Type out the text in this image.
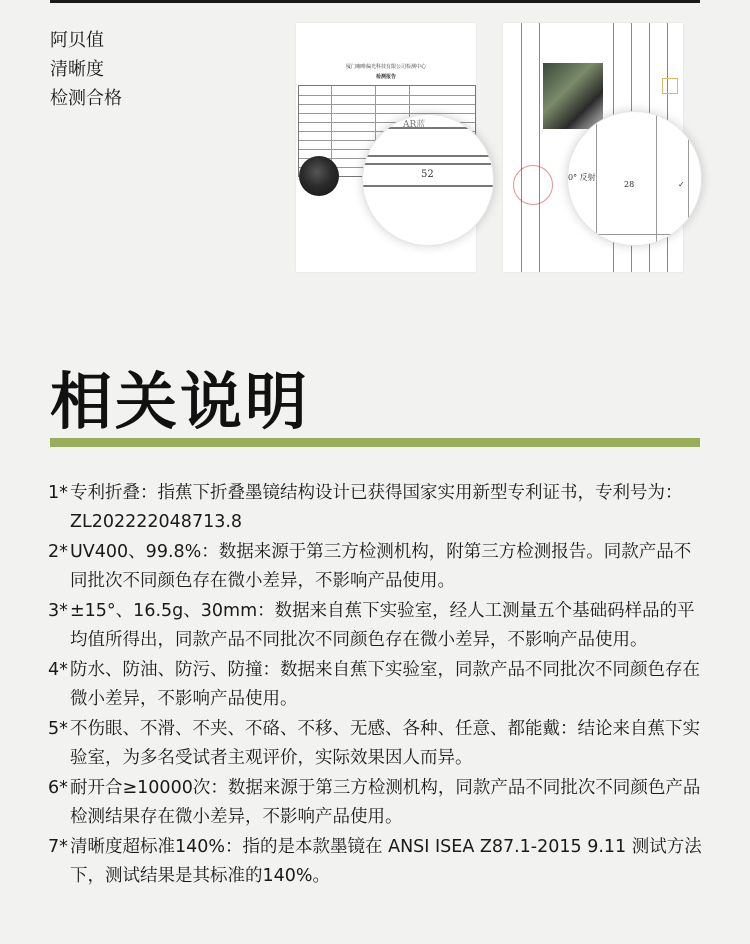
阿贝值
清晰度
检测合格
厦门咖啡偏光科技有限公司检测中心
检测报告
AR蓝
52	0° 反射
28	✓
相关说明
1* 专利折叠：指蕉下折叠墨镜结构设计已获得国家实用新型专利证书，专利号为：ZL202222048713.8
2* UV400、99.8%：数据来源于第三方检测机构，附第三方检测报告。同款产品不同批次不同颜色存在微小差异，不影响产品使用。
3* ±15°、16.5g、30mm：数据来自蕉下实验室，经人工测量五个基础码样品的平均值所得出，同款产品不同批次不同颜色存在微小差异，不影响产品使用。
4* 防水、防油、防污、防撞：数据来自蕉下实验室，同款产品不同批次不同颜色存在微小差异，不影响产品使用。
5* 不伤眼、不滑、不夹、不硌、不移、无感、各种、任意、都能戴：结论来自蕉下实验室，为多名受试者主观评价，实际效果因人而异。
6* 耐开合≥10000次：数据来源于第三方检测机构，同款产品不同批次不同颜色产品检测结果存在微小差异，不影响产品使用。
7* 清晰度超标准140%：指的是本款墨镜在 ANSI ISEA Z87.1-2015 9.11 测试方法下，测试结果是其标准的140%。
